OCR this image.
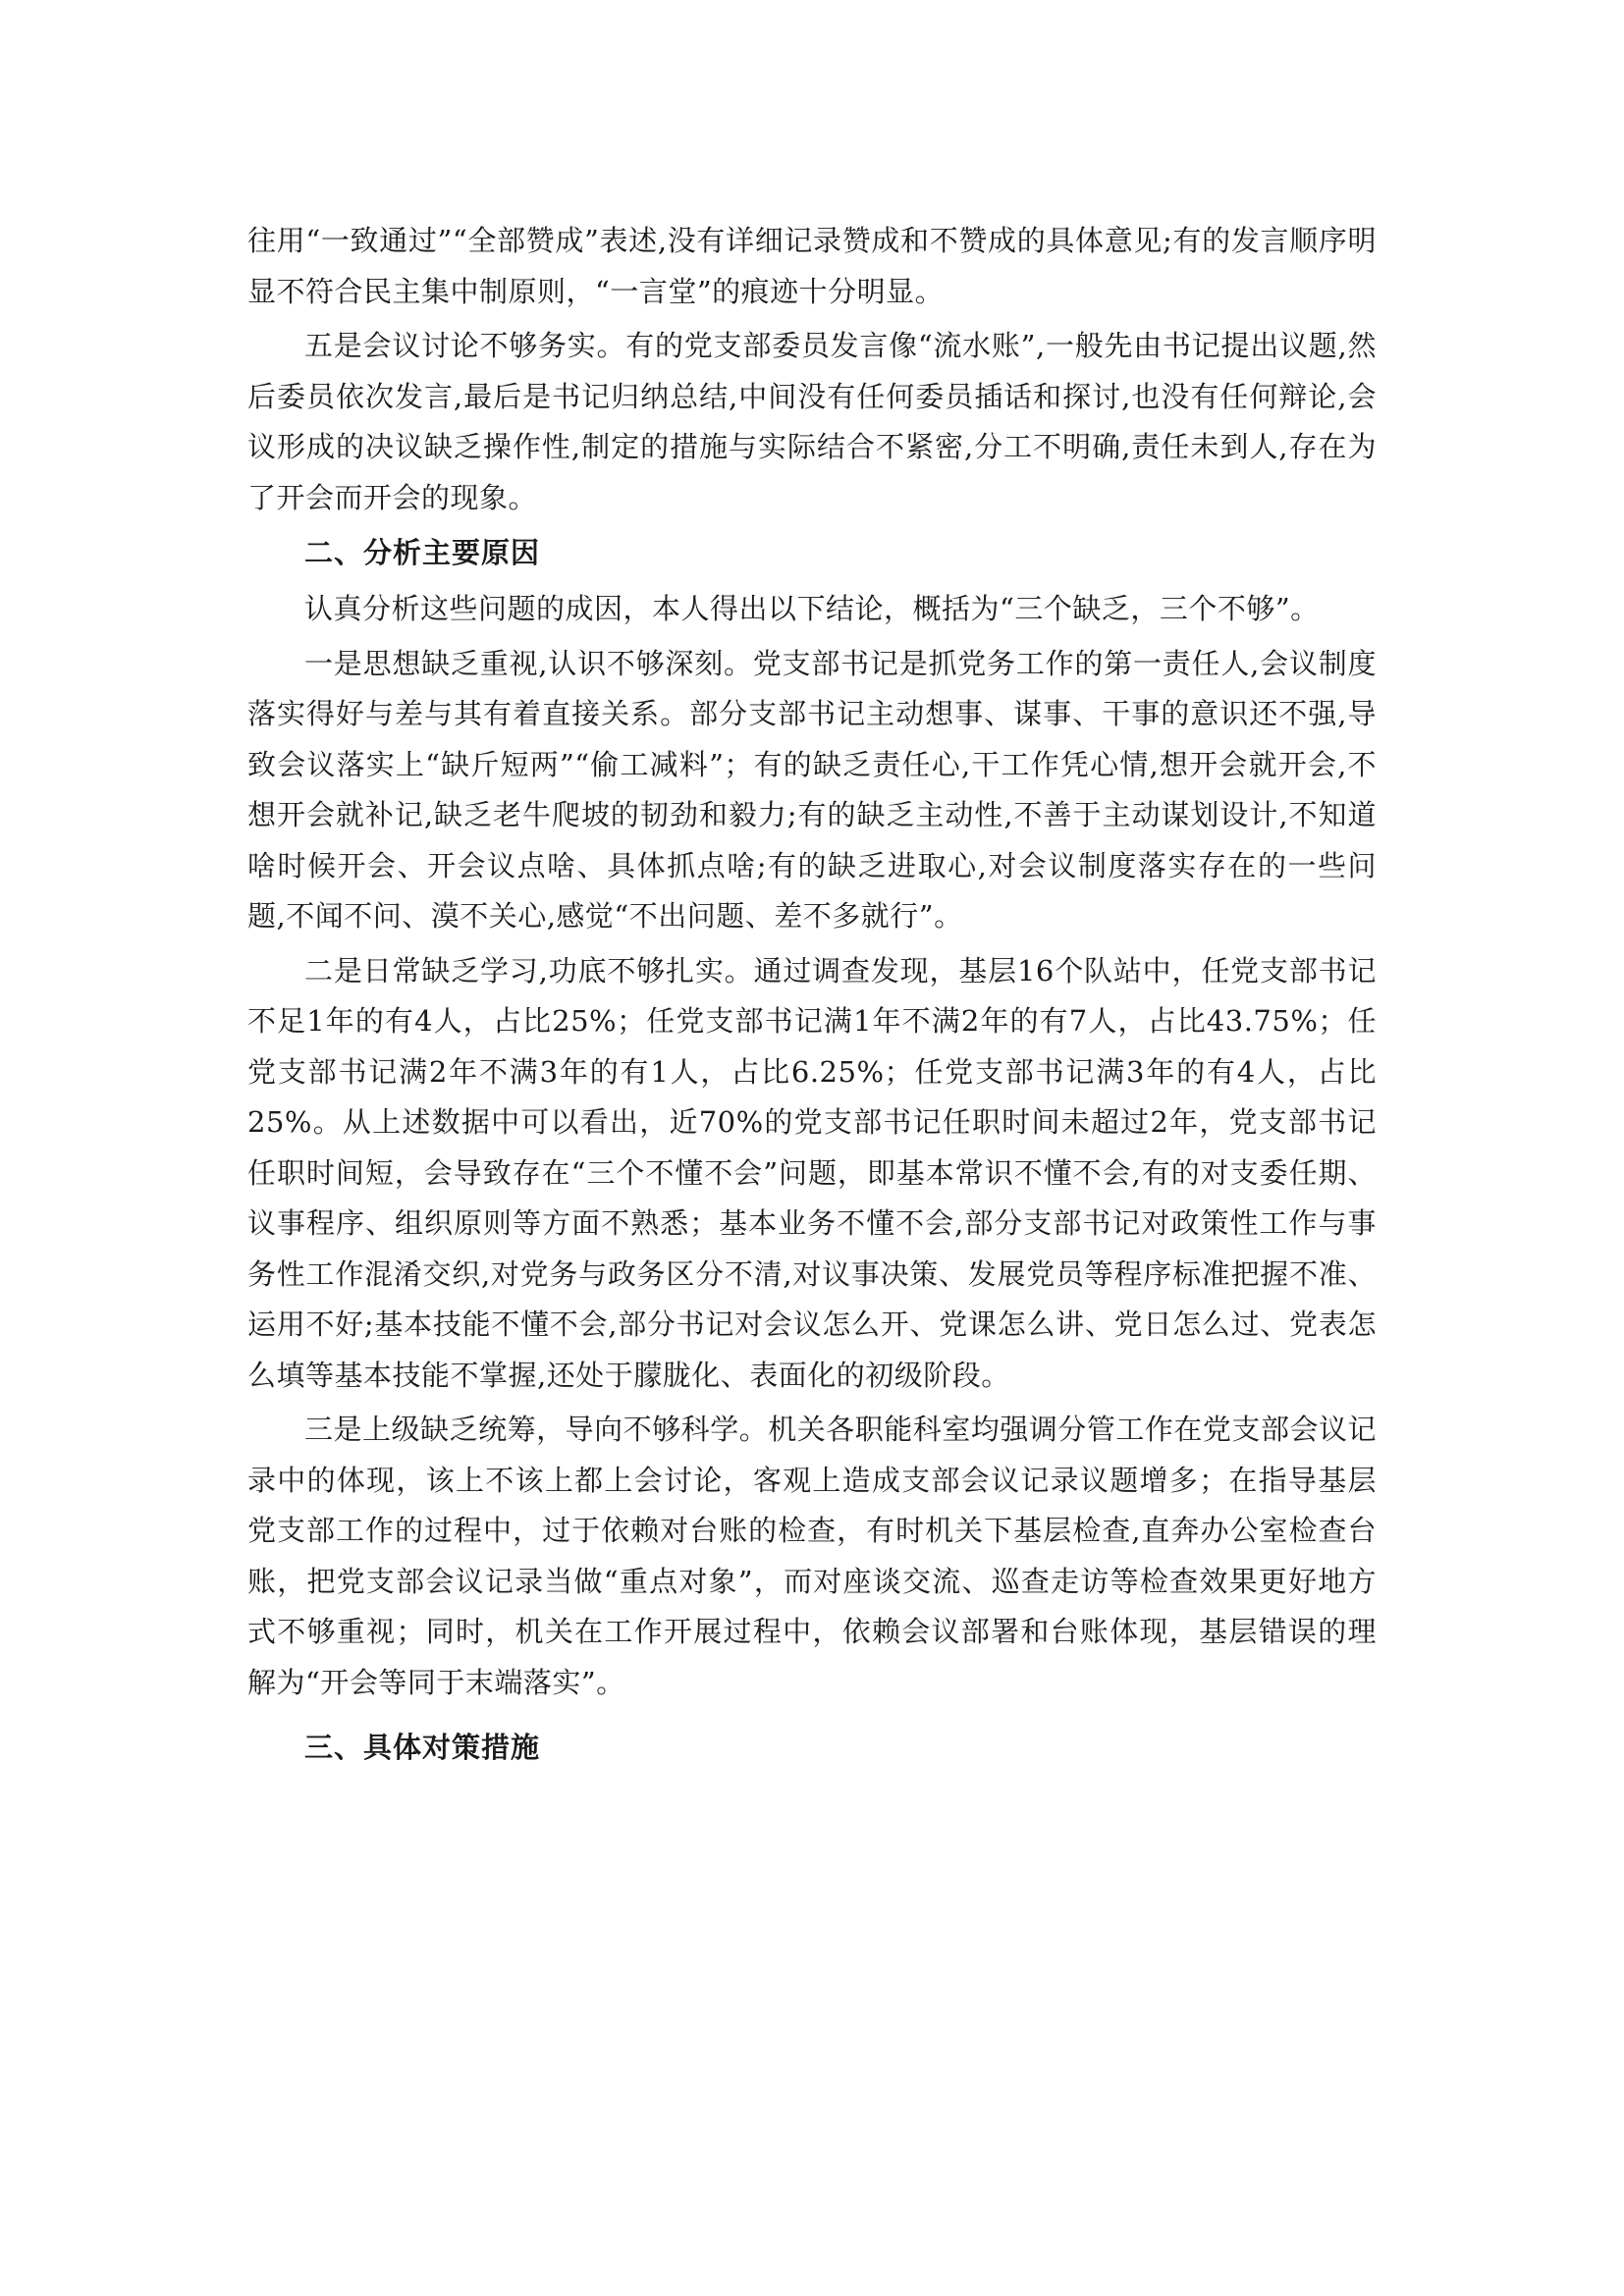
往用“一致通过”“全部赞成”表述,没有详细记录赞成和不赞成的具体意见;有的发言顺序明显不符合民主集中制原则，“一言堂”的痕迹十分明显。

五是会议讨论不够务实。有的党支部委员发言像“流水账”,一般先由书记提出议题,然后委员依次发言,最后是书记归纳总结,中间没有任何委员插话和探讨,也没有任何辩论,会议形成的决议缺乏操作性,制定的措施与实际结合不紧密,分工不明确,责任未到人,存在为了开会而开会的现象。

二、分析主要原因

认真分析这些问题的成因，本人得出以下结论，概括为“三个缺乏，三个不够”。

一是思想缺乏重视,认识不够深刻。党支部书记是抓党务工作的第一责任人,会议制度落实得好与差与其有着直接关系。部分支部书记主动想事、谋事、干事的意识还不强,导致会议落实上“缺斤短两”“偷工减料”；有的缺乏责任心,干工作凭心情,想开会就开会,不想开会就补记,缺乏老牛爬坡的韧劲和毅力;有的缺乏主动性,不善于主动谋划设计,不知道啥时候开会、开会议点啥、具体抓点啥;有的缺乏进取心,对会议制度落实存在的一些问题,不闻不问、漠不关心,感觉“不出问题、差不多就行”。

二是日常缺乏学习,功底不够扎实。通过调查发现，基层16个队站中，任党支部书记不足1年的有4人，占比25%；任党支部书记满1年不满2年的有7人，占比43.75%；任党支部书记满2年不满3年的有1人，占比6.25%；任党支部书记满3年的有4人，占比25%。从上述数据中可以看出，近70%的党支部书记任职时间未超过2年，党支部书记任职时间短，会导致存在“三个不懂不会”问题，即基本常识不懂不会,有的对支委任期、议事程序、组织原则等方面不熟悉；基本业务不懂不会,部分支部书记对政策性工作与事务性工作混淆交织,对党务与政务区分不清,对议事决策、发展党员等程序标准把握不准、运用不好;基本技能不懂不会,部分书记对会议怎么开、党课怎么讲、党日怎么过、党表怎么填等基本技能不掌握,还处于朦胧化、表面化的初级阶段。

三是上级缺乏统筹，导向不够科学。机关各职能科室均强调分管工作在党支部会议记录中的体现，该上不该上都上会讨论，客观上造成支部会议记录议题增多；在指导基层党支部工作的过程中，过于依赖对台账的检查，有时机关下基层检查,直奔办公室检查台账，把党支部会议记录当做“重点对象”，而对座谈交流、巡查走访等检查效果更好地方式不够重视；同时，机关在工作开展过程中，依赖会议部署和台账体现，基层错误的理解为“开会等同于末端落实”。

三、具体对策措施
